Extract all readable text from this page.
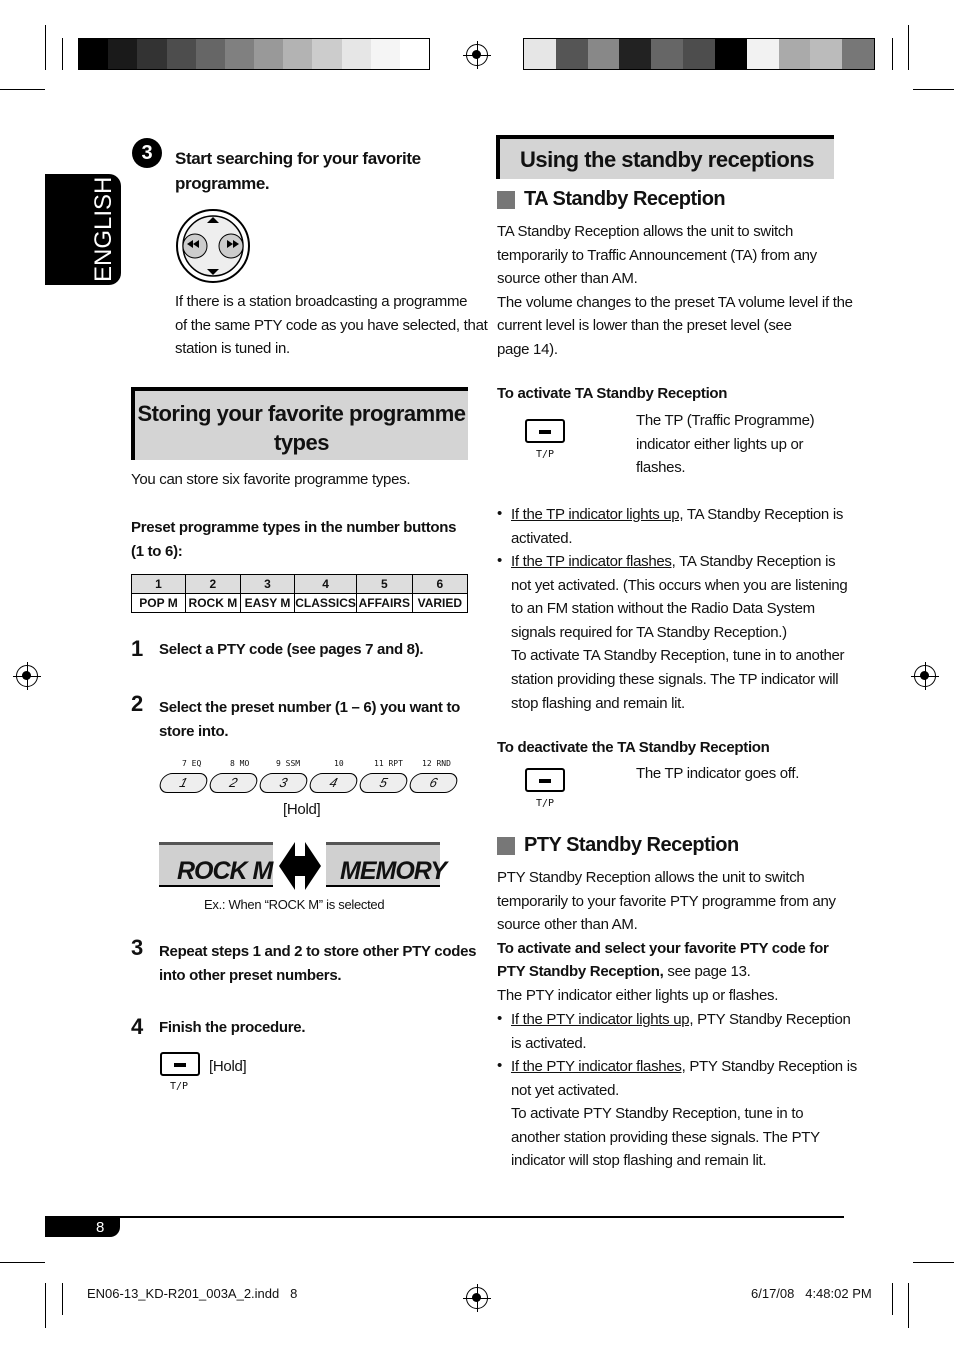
ENGLISH
3	Start searching for your favorite
programme.
If there is a station broadcasting a programme
of the same PTY code as you have selected, that
station is tuned in.
Storing your favorite programme
types
You can store six favorite programme types.
Preset programme types in the number buttons
(1 to 6):
1	2	3	4	5	6
POP M	ROCK M	EASY M	CLASSICS	AFFAIRS	VARIED
1 Select a PTY code (see pages 7 and 8).
2 Select the preset number (1 – 6) you want to
store into.
7 EQ	8 MO	9 SSM	10	11 RPT 12 RND
1	2	3	4	5	6
[Hold]
ROCK M	MEMORY
Ex.: When “ROCK M” is selected
3 Repeat steps 1 and 2 to store other PTY codes
into other preset numbers.
4 Finish the procedure.
T/P
[Hold]
Using the standby receptions
TA Standby Reception
TA Standby Reception allows the unit to switch
temporarily to Traffic Announcement (TA) from any
source other than AM.
The volume changes to the preset TA volume level if the
current level is lower than the preset level (see
page 14).
To activate TA Standby Reception
T/P
The TP (Traffic Programme)
indicator either lights up or
flashes.
• If the TP indicator lights up, TA Standby Reception is
activated.
• If the TP indicator flashes, TA Standby Reception is
not yet activated. (This occurs when you are listening
to an FM station without the Radio Data System
signals required for TA Standby Reception.)
To activate TA Standby Reception, tune in to another
station providing these signals. The TP indicator will
stop flashing and remain lit.
To deactivate the TA Standby Reception
T/P
The TP indicator goes off.
PTY Standby Reception
PTY Standby Reception allows the unit to switch
temporarily to your favorite PTY programme from any
source other than AM.
To activate and select your favorite PTY code for
PTY Standby Reception, see page 13.
The PTY indicator either lights up or flashes.
• If the PTY indicator lights up, PTY Standby Reception
is activated.
• If the PTY indicator flashes, PTY Standby Reception is
not yet activated.
To activate PTY Standby Reception, tune in to
another station providing these signals. The PTY
indicator will stop flashing and remain lit.
8
EN06-13_KD-R201_003A_2.indd   8	6/17/08   4:48:02 PM
